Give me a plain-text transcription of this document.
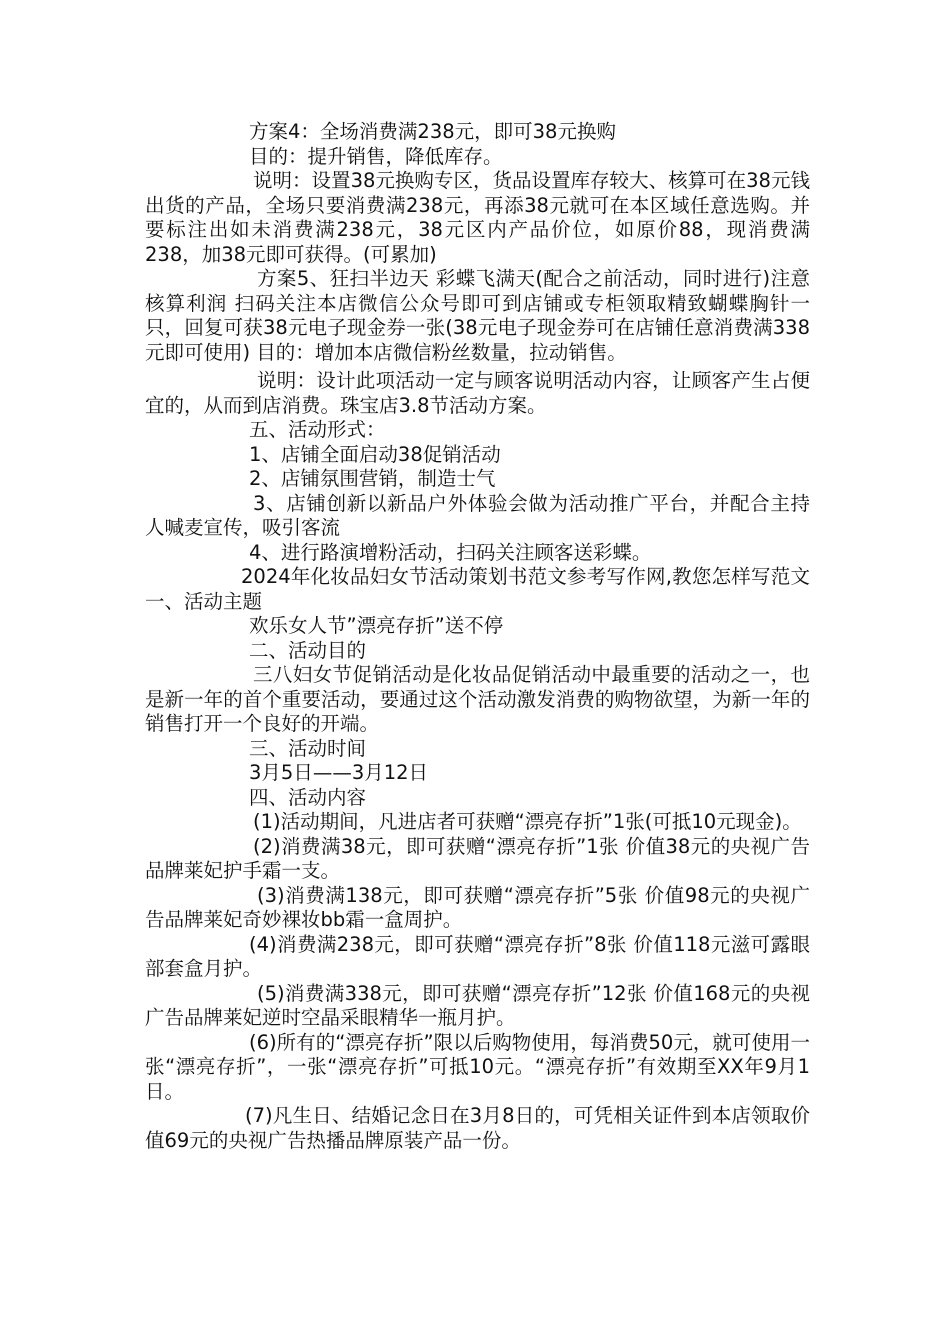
方案4：全场消费满238元，即可38元换购

目的：提升销售，降低库存。

说明：设置38元换购专区，货品设置库存较大、核算可在38元钱出货的产品，全场只要消费满238元，再添38元就可在本区域任意选购。并要标注出如未消费满238元，38元区内产品价位，如原价88，现消费满238，加38元即可获得。(可累加)

方案5、狂扫半边天 彩蝶飞满天(配合之前活动，同时进行)注意核算利润 扫码关注本店微信公众号即可到店铺或专柜领取精致蝴蝶胸针一只，回复可获38元电子现金券一张(38元电子现金券可在店铺任意消费满338元即可使用) 目的：增加本店微信粉丝数量，拉动销售。

说明：设计此项活动一定与顾客说明活动内容，让顾客产生占便宜的，从而到店消费。珠宝店3.8节活动方案。

五、活动形式：

1、店铺全面启动38促销活动

2、店铺氛围营销，制造士气

3、店铺创新以新品户外体验会做为活动推广平台，并配合主持人喊麦宣传，吸引客流

4、进行路演增粉活动，扫码关注顾客送彩蝶。

2024年化妆品妇女节活动策划书范文参考写作网,教您怎样写范文　　　一、活动主题

欢乐女人节”漂亮存折”送不停

二、活动目的

三八妇女节促销活动是化妆品促销活动中最重要的活动之一，也是新一年的首个重要活动，要通过这个活动激发消费的购物欲望，为新一年的销售打开一个良好的开端。

三、活动时间

3月5日——3月12日

四、活动内容

(1)活动期间，凡进店者可获赠“漂亮存折”1张(可抵10元现金)。

(2)消费满38元，即可获赠“漂亮存折”1张 价值38元的央视广告品牌莱妃护手霜一支。

(3)消费满138元，即可获赠“漂亮存折”5张 价值98元的央视广告品牌莱妃奇妙裸妆bb霜一盒周护。

(4)消费满238元，即可获赠“漂亮存折”8张 价值118元滋可露眼部套盒月护。

(5)消费满338元，即可获赠“漂亮存折”12张 价值168元的央视广告品牌莱妃逆时空晶采眼精华一瓶月护。

(6)所有的“漂亮存折”限以后购物使用，每消费50元，就可使用一张“漂亮存折”，一张“漂亮存折”可抵10元。“漂亮存折”有效期至XX年9月1日。

(7)凡生日、结婚记念日在3月8日的，可凭相关证件到本店领取价值69元的央视广告热播品牌原装产品一份。
